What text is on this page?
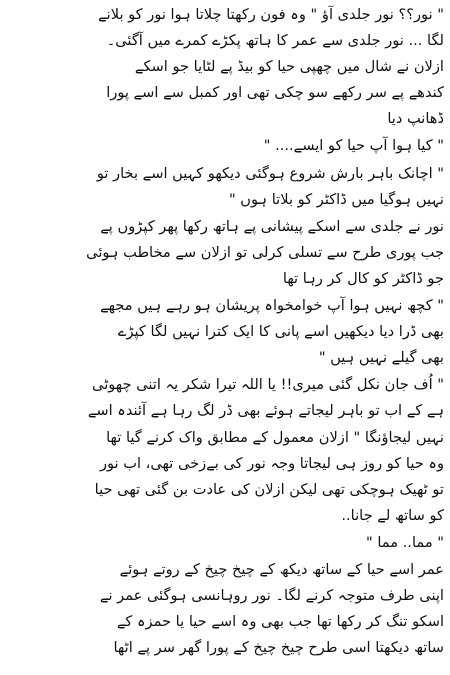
" نور؟؟ نور جلدی آؤ " وہ فون رکھتا چلاتا ہوا نور کو بلانے
لگا ... نور جلدی سے عمر کا ہاتھ پکڑے کمرے میں آگئی۔
ازلان نے شال میں چھپی حیا کو بیڈ پے لٹایا جو اسکے
کندھے پے سر رکھے سو چکی تھی اور کمبل سے اسے پورا
ڈھانپ دیا
" کیا ہوا آپ حیا کو ایسے.... "
" اچانک باہر بارش شروع ہوگئی دیکھو کہیں اسے بخار تو
نہیں ہوگیا میں ڈاکٹر کو بلاتا ہوں "
نور نے جلدی سے اسکے پیشانی پے ہاتھ رکھا پھر کپڑوں پے
جب پوری طرح سے تسلی کرلی تو ازلان سے مخاطب ہوئی
جو ڈاکٹر کو کال کر رہا تھا
" کچھ نہیں ہوا آپ خوامخواہ پریشان ہو رہے ہیں مجھے
بھی ڈرا دیا دیکھیں اسے پانی کا ایک کترا نہیں لگا کپڑے
بھی گیلے نہیں ہیں "
" اُف جان نکل گئی میری!! یا اللہ تیرا شکر یہ اتنی چھوٹی
ہے کے اب تو باہر لیجاتے ہوئے بھی ڈر لگ رہا ہے آئندہ اسے
نہیں لیجاؤنگا " ازلان معمول کے مطابق واک کرنے گیا تھا
وہ حیا کو روز ہی لیجاتا وجہ نور کی بےزخی تھی، اب نور
تو ٹھیک ہوچکی تھی لیکن ازلان کی عادت بن گئی تھی حیا
کو ساتھ لے جانا..
" مما.. مما "
عمر اسے حیا کے ساتھ دیکھ کے چیخ چیخ کے روتے ہوئے
اپنی طرف متوجہ کرنے لگا۔ نور روہانسی ہوگئی عمر نے
اسکو تنگ کر رکھا تھا جب بھی وہ اسے حیا یا حمزہ کے
ساتھ دیکھتا اسی طرح چیخ چیخ کے پورا گھر سر پے اٹھا
